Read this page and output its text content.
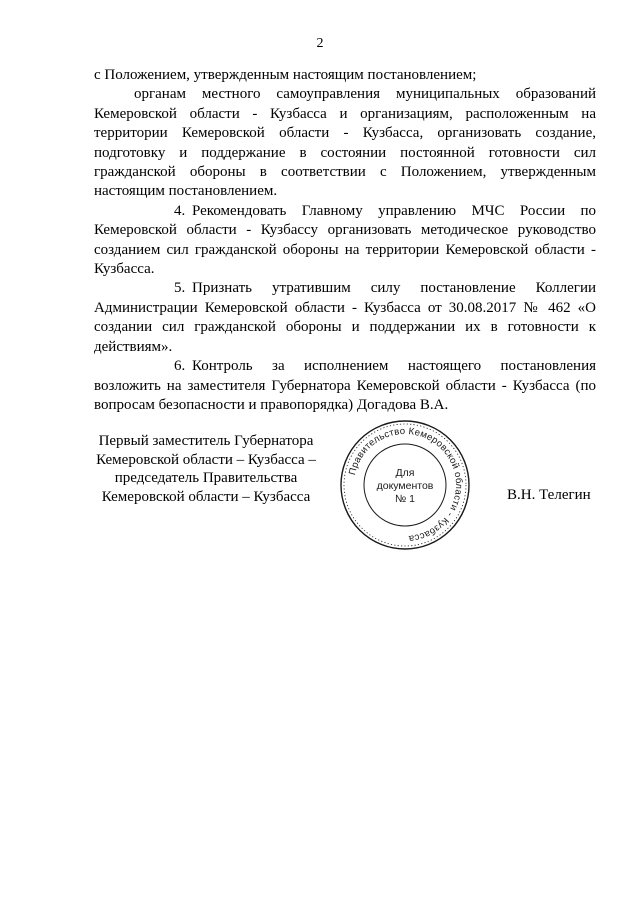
2

с Положением, утвержденным настоящим постановлением;

органам местного самоуправления муниципальных образований Кемеровской области - Кузбасса и организациям, расположенным на территории Кемеровской области - Кузбасса, организовать создание, подготовку и поддержание в состоянии постоянной готовности сил гражданской обороны в соответствии с Положением, утвержденным настоящим постановлением.

4. Рекомендовать Главному управлению МЧС России по Кемеровской области - Кузбассу организовать методическое руководство созданием сил гражданской обороны на территории Кемеровской области - Кузбасса.

5. Признать утратившим силу постановление Коллегии Администрации Кемеровской области - Кузбасса от 30.08.2017 № 462 «О создании сил гражданской обороны и поддержании их в готовности к действиям».

6. Контроль за исполнением настоящего постановления возложить на заместителя Губернатора Кемеровской области - Кузбасса (по вопросам безопасности и правопорядка) Догадова В.А.

Первый заместитель Губернатора
Кемеровской области – Кузбасса –
председатель Правительства
Кемеровской области – Кузбасса
Правительство Кемеровской области - Кузбасса
Для
документов
№ 1	В.Н. Телегин
